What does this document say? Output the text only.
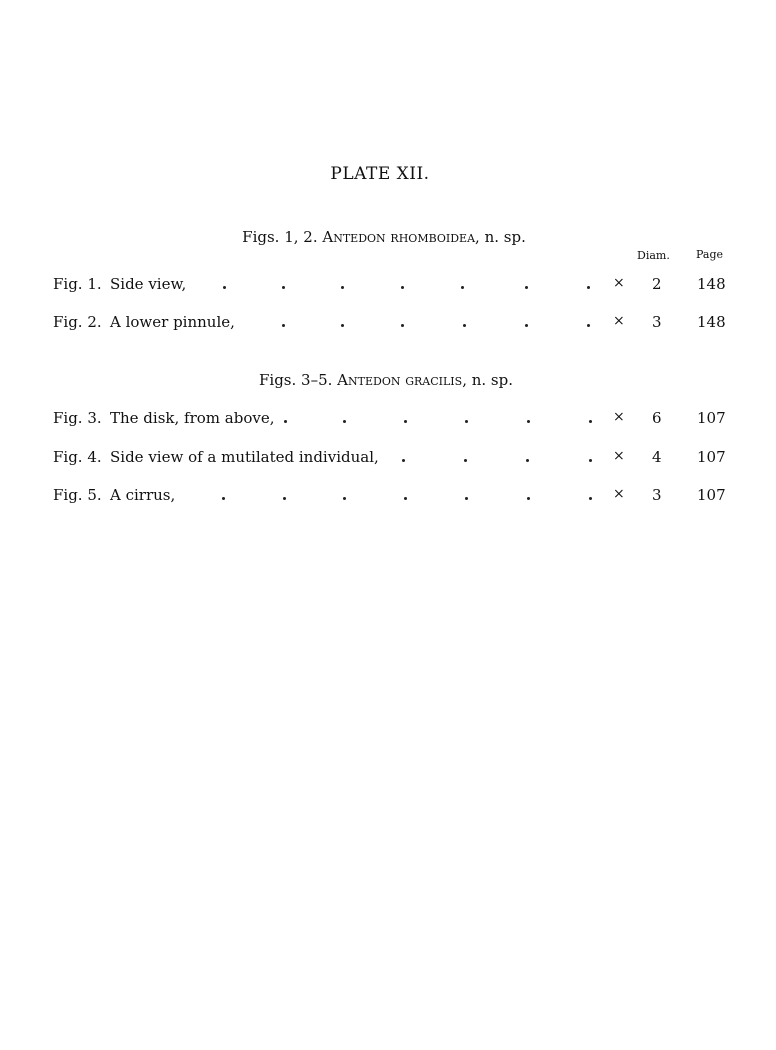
PLATE XII.
Figs. 1, 2. Antedon rhomboidea, n. sp.
Diam. Page
Fig. 1. Side view,	× 2 148
Fig. 2. A lower pinnule,	× 3 148
Figs. 3–5. Antedon gracilis, n. sp.
Fig. 3. The disk, from above,	× 6 107
Fig. 4. Side view of a mutilated individual,	× 4 107
Fig. 5. A cirrus,	× 3 107
